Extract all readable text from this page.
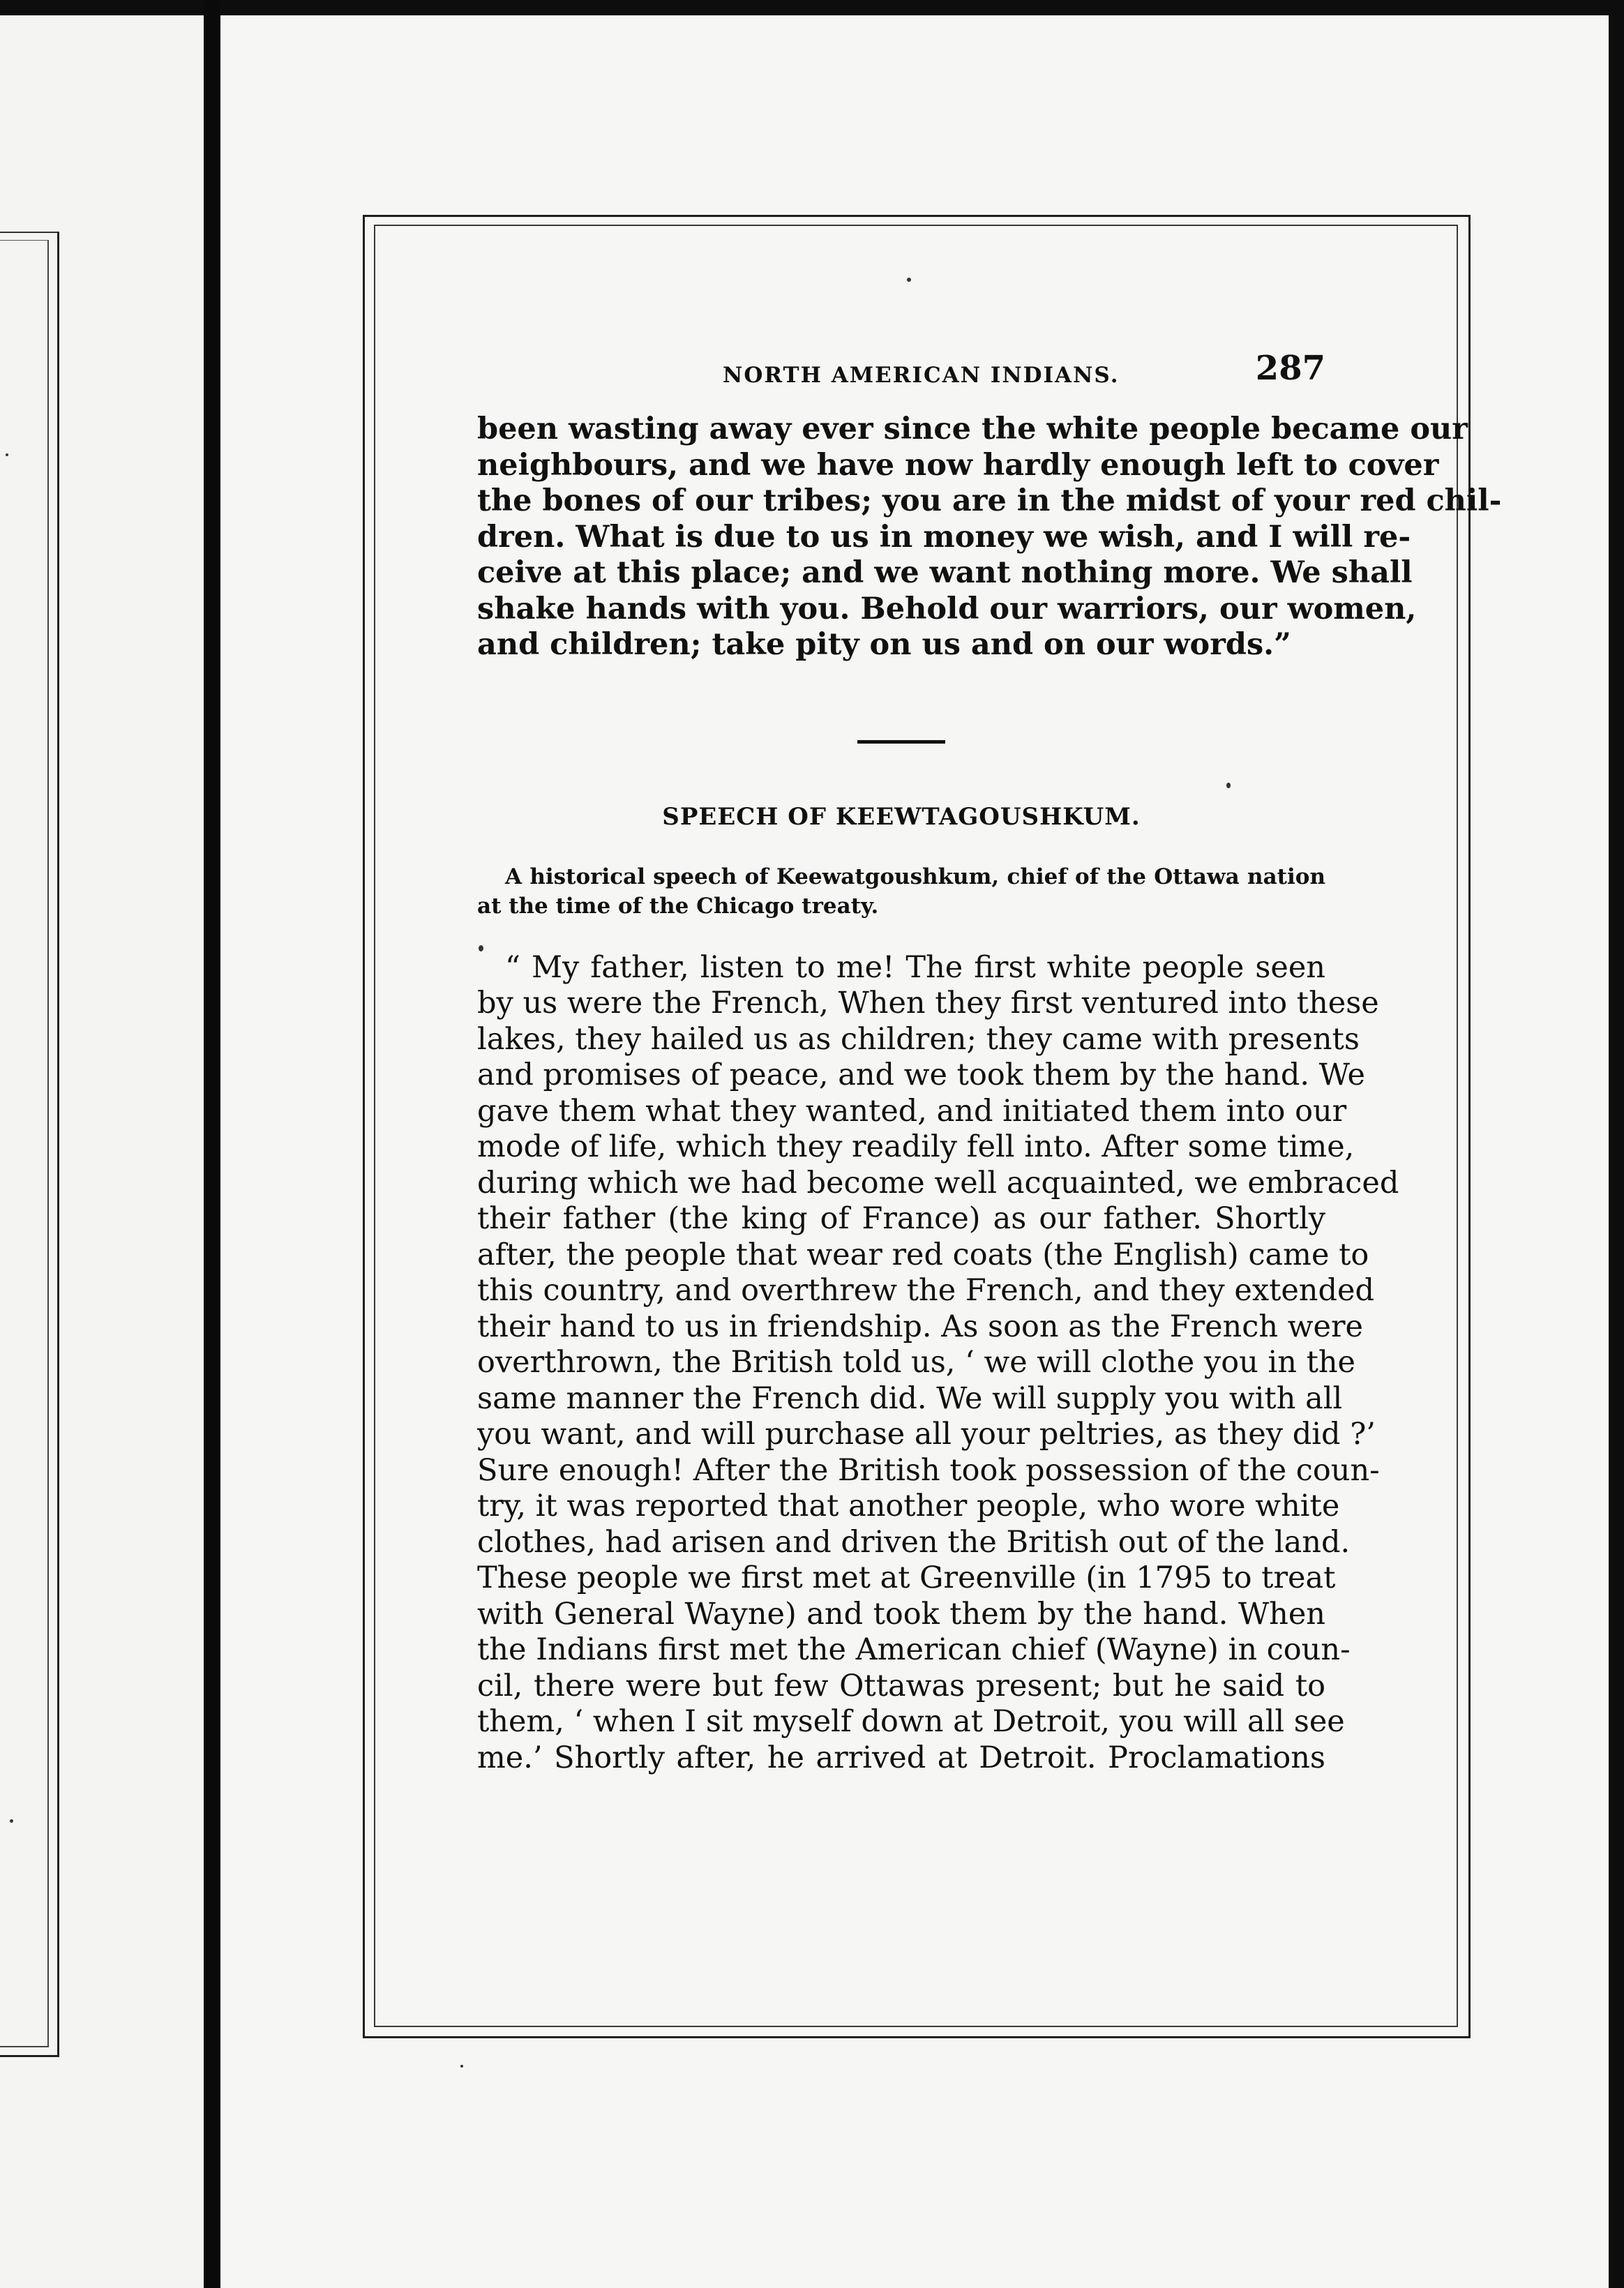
NORTH AMERICAN INDIANS.	287
been wasting away ever since the white people became our
neighbours, and we have now hardly enough left to cover
the bones of our tribes; you are in the midst of your red chil-
dren. What is due to us in money we wish, and I will re-
ceive at this place; and we want nothing more. We shall
shake hands with you. Behold our warriors, our women,
and children; take pity on us and on our words.”
SPEECH OF KEEWTAGOUSHKUM.
A historical speech of Keewatgoushkum, chief of the Ottawa nation
at the time of the Chicago treaty.
“ My father, listen to me! The first white people seen
by us were the French, When they first ventured into these
lakes, they hailed us as children; they came with presents
and promises of peace, and we took them by the hand. We
gave them what they wanted, and initiated them into our
mode of life, which they readily fell into. After some time,
during which we had become well acquainted, we embraced
their father (the king of France) as our father. Shortly
after, the people that wear red coats (the English) came to
this country, and overthrew the French, and they extended
their hand to us in friendship. As soon as the French were
overthrown, the British told us, ‘ we will clothe you in the
same manner the French did. We will supply you with all
you want, and will purchase all your peltries, as they did ?’
Sure enough! After the British took possession of the coun-
try, it was reported that another people, who wore white
clothes, had arisen and driven the British out of the land.
These people we first met at Greenville (in 1795 to treat
with General Wayne) and took them by the hand. When
the Indians first met the American chief (Wayne) in coun-
cil, there were but few Ottawas present; but he said to
them, ‘ when I sit myself down at Detroit, you will all see
me.’ Shortly after, he arrived at Detroit. Proclamations
